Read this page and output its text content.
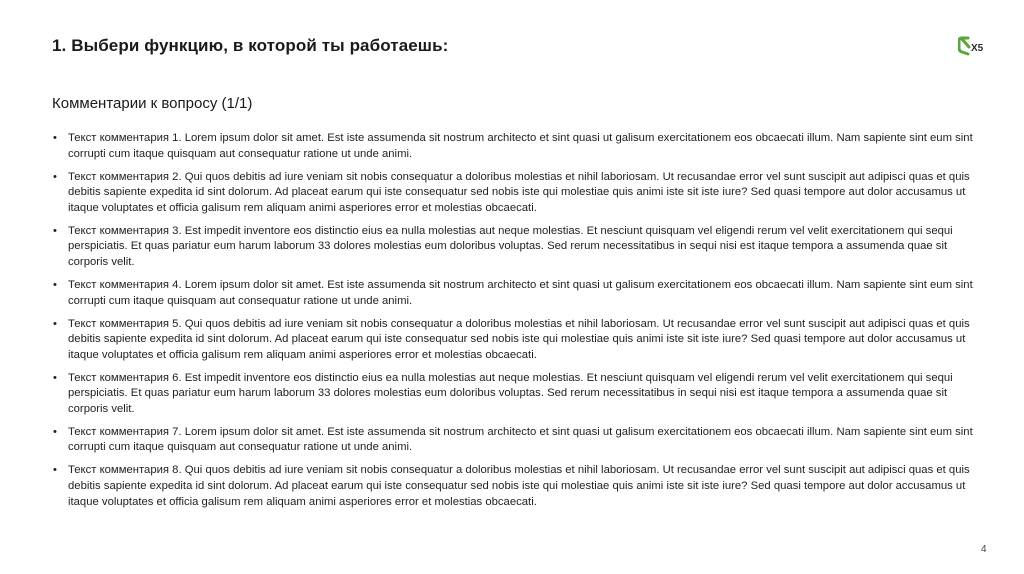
1. Выбери функцию, в которой ты работаешь:	Х5
Комментарии к вопросу (1/1)
• Текст комментария 1. Lorem ipsum dolor sit amet. Est iste assumenda sit nostrum architecto et sint quasi ut galisum exercitationem eos obcaecati illum. Nam sapiente sint eum sint corrupti cum itaque quisquam aut consequatur ratione ut unde animi.
• Текст комментария 2. Qui quos debitis ad iure veniam sit nobis consequatur a doloribus molestias et nihil laboriosam. Ut recusandae error vel sunt suscipit aut adipisci quas et quis debitis sapiente expedita id sint dolorum. Ad placeat earum qui iste consequatur sed nobis iste qui molestiae quis animi iste sit iste iure? Sed quasi tempore aut dolor accusamus ut itaque voluptates et officia galisum rem aliquam animi asperiores error et molestias obcaecati.
• Текст комментария 3. Est impedit inventore eos distinctio eius ea nulla molestias aut neque molestias. Et nesciunt quisquam vel eligendi rerum vel velit exercitationem qui sequi perspiciatis. Et quas pariatur eum harum laborum 33 dolores molestias eum doloribus voluptas. Sed rerum necessitatibus in sequi nisi est itaque tempora a assumenda quae sit corporis velit.
• Текст комментария 4. Lorem ipsum dolor sit amet. Est iste assumenda sit nostrum architecto et sint quasi ut galisum exercitationem eos obcaecati illum. Nam sapiente sint eum sint corrupti cum itaque quisquam aut consequatur ratione ut unde animi.
• Текст комментария 5. Qui quos debitis ad iure veniam sit nobis consequatur a doloribus molestias et nihil laboriosam. Ut recusandae error vel sunt suscipit aut adipisci quas et quis debitis sapiente expedita id sint dolorum. Ad placeat earum qui iste consequatur sed nobis iste qui molestiae quis animi iste sit iste iure? Sed quasi tempore aut dolor accusamus ut itaque voluptates et officia galisum rem aliquam animi asperiores error et molestias obcaecati.
• Текст комментария 6. Est impedit inventore eos distinctio eius ea nulla molestias aut neque molestias. Et nesciunt quisquam vel eligendi rerum vel velit exercitationem qui sequi perspiciatis. Et quas pariatur eum harum laborum 33 dolores molestias eum doloribus voluptas. Sed rerum necessitatibus in sequi nisi est itaque tempora a assumenda quae sit corporis velit.
• Текст комментария 7. Lorem ipsum dolor sit amet. Est iste assumenda sit nostrum architecto et sint quasi ut galisum exercitationem eos obcaecati illum. Nam sapiente sint eum sint corrupti cum itaque quisquam aut consequatur ratione ut unde animi.
• Текст комментария 8. Qui quos debitis ad iure veniam sit nobis consequatur a doloribus molestias et nihil laboriosam. Ut recusandae error vel sunt suscipit aut adipisci quas et quis debitis sapiente expedita id sint dolorum. Ad placeat earum qui iste consequatur sed nobis iste qui molestiae quis animi iste sit iste iure? Sed quasi tempore aut dolor accusamus ut itaque voluptates et officia galisum rem aliquam animi asperiores error et molestias obcaecati.
4
